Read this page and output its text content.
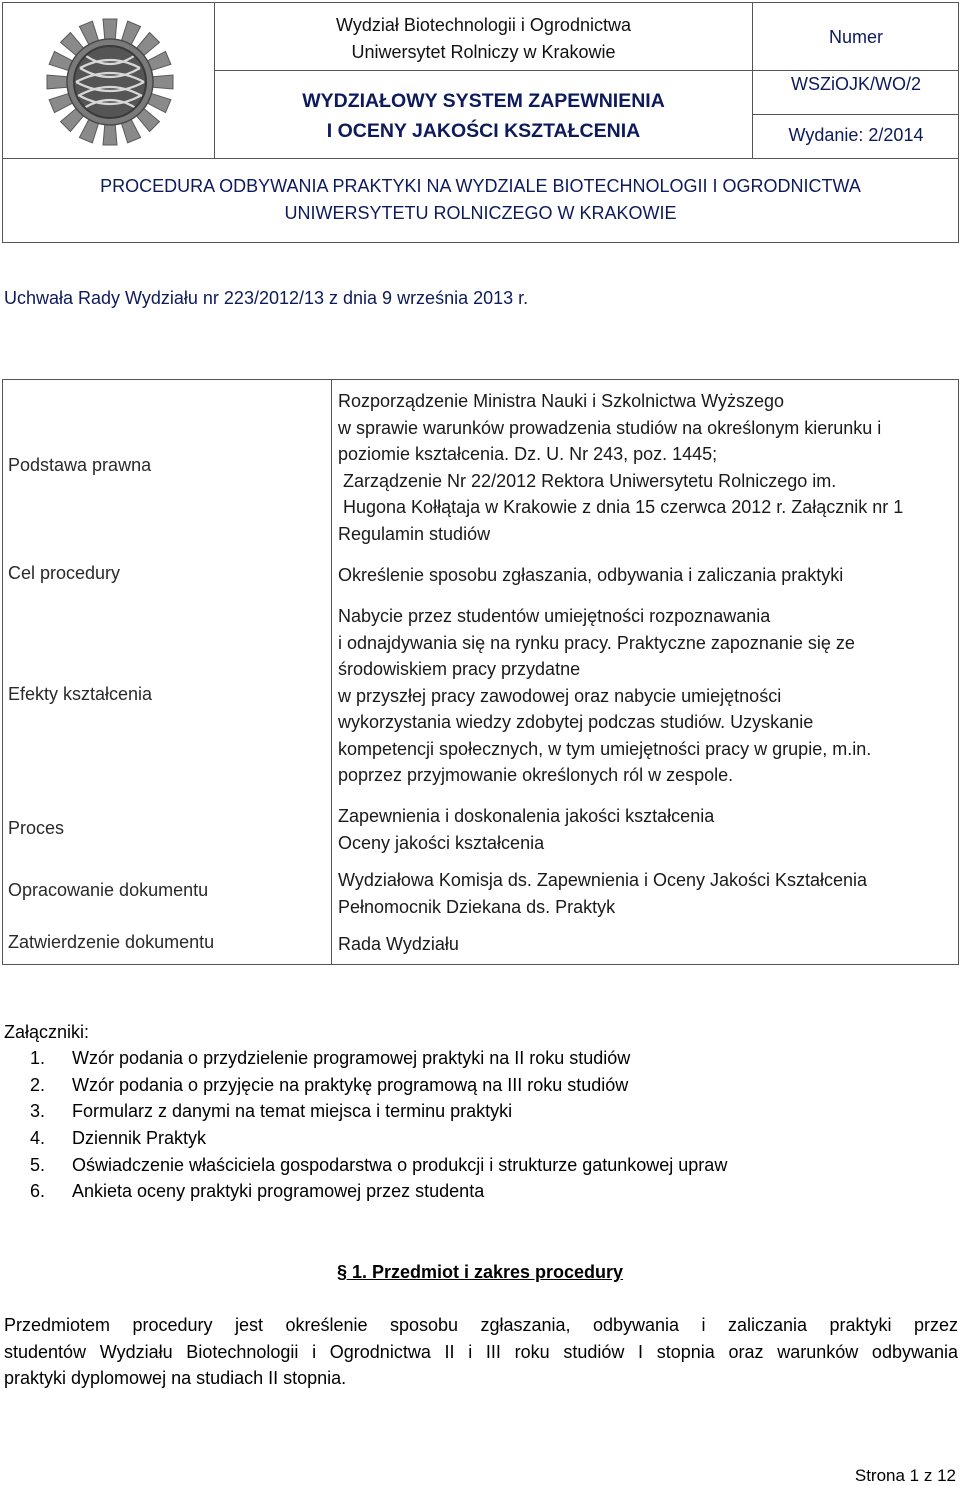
Wydział Biotechnologii i Ogrodnictwa
Uniwersytet Rolniczy w Krakowie
WYDZIAŁOWY SYSTEM ZAPEWNIENIA
I OCENY JAKOŚCI KSZTAŁCENIA
Numer
WSZiOJK/WO/2
Wydanie: 2/2014
PROCEDURA ODBYWANIA PRAKTYKI NA WYDZIALE BIOTECHNOLOGII I OGRODNICTWA
UNIWERSYTETU ROLNICZEGO W KRAKOWIE
Uchwała Rady Wydziału nr 223/2012/13 z dnia 9 września 2013 r.
Podstawa prawna
Cel procedury
Efekty kształcenia
Proces
Opracowanie dokumentu
Zatwierdzenie dokumentu
Rozporządzenie Ministra Nauki i Szkolnictwa Wyższego
w sprawie warunków prowadzenia studiów na określonym kierunku i
poziomie kształcenia. Dz. U. Nr 243, poz. 1445;
Zarządzenie Nr 22/2012 Rektora Uniwersytetu Rolniczego im.
Hugona Kołłątaja w Krakowie z dnia 15 czerwca 2012 r. Załącznik nr 1
Regulamin studiów
Określenie sposobu zgłaszania, odbywania i zaliczania praktyki
Nabycie przez studentów umiejętności rozpoznawania
i odnajdywania się na rynku pracy. Praktyczne zapoznanie się ze
środowiskiem pracy przydatne
w przyszłej pracy zawodowej oraz nabycie umiejętności
wykorzystania wiedzy zdobytej podczas studiów. Uzyskanie
kompetencji społecznych, w tym umiejętności pracy w grupie, m.in.
poprzez przyjmowanie określonych ról w zespole.
Zapewnienia i doskonalenia jakości kształcenia
Oceny jakości kształcenia
Wydziałowa Komisja ds. Zapewnienia i Oceny Jakości Kształcenia
Pełnomocnik Dziekana ds. Praktyk
Rada Wydziału
Załączniki:
1. Wzór podania o przydzielenie programowej praktyki na II roku studiów
2. Wzór podania o przyjęcie na praktykę programową na III roku studiów
3. Formularz z danymi na temat miejsca i terminu praktyki
4. Dziennik Praktyk
5. Oświadczenie właściciela gospodarstwa o produkcji i strukturze gatunkowej upraw
6. Ankieta oceny praktyki programowej przez studenta
§ 1. Przedmiot i zakres procedury
Przedmiotem procedury jest określenie sposobu zgłaszania, odbywania i zaliczania praktyki przez
studentów Wydziału Biotechnologii i Ogrodnictwa II i III roku studiów I stopnia oraz warunków odbywania
praktyki dyplomowej na studiach II stopnia.
Strona 1 z 12
